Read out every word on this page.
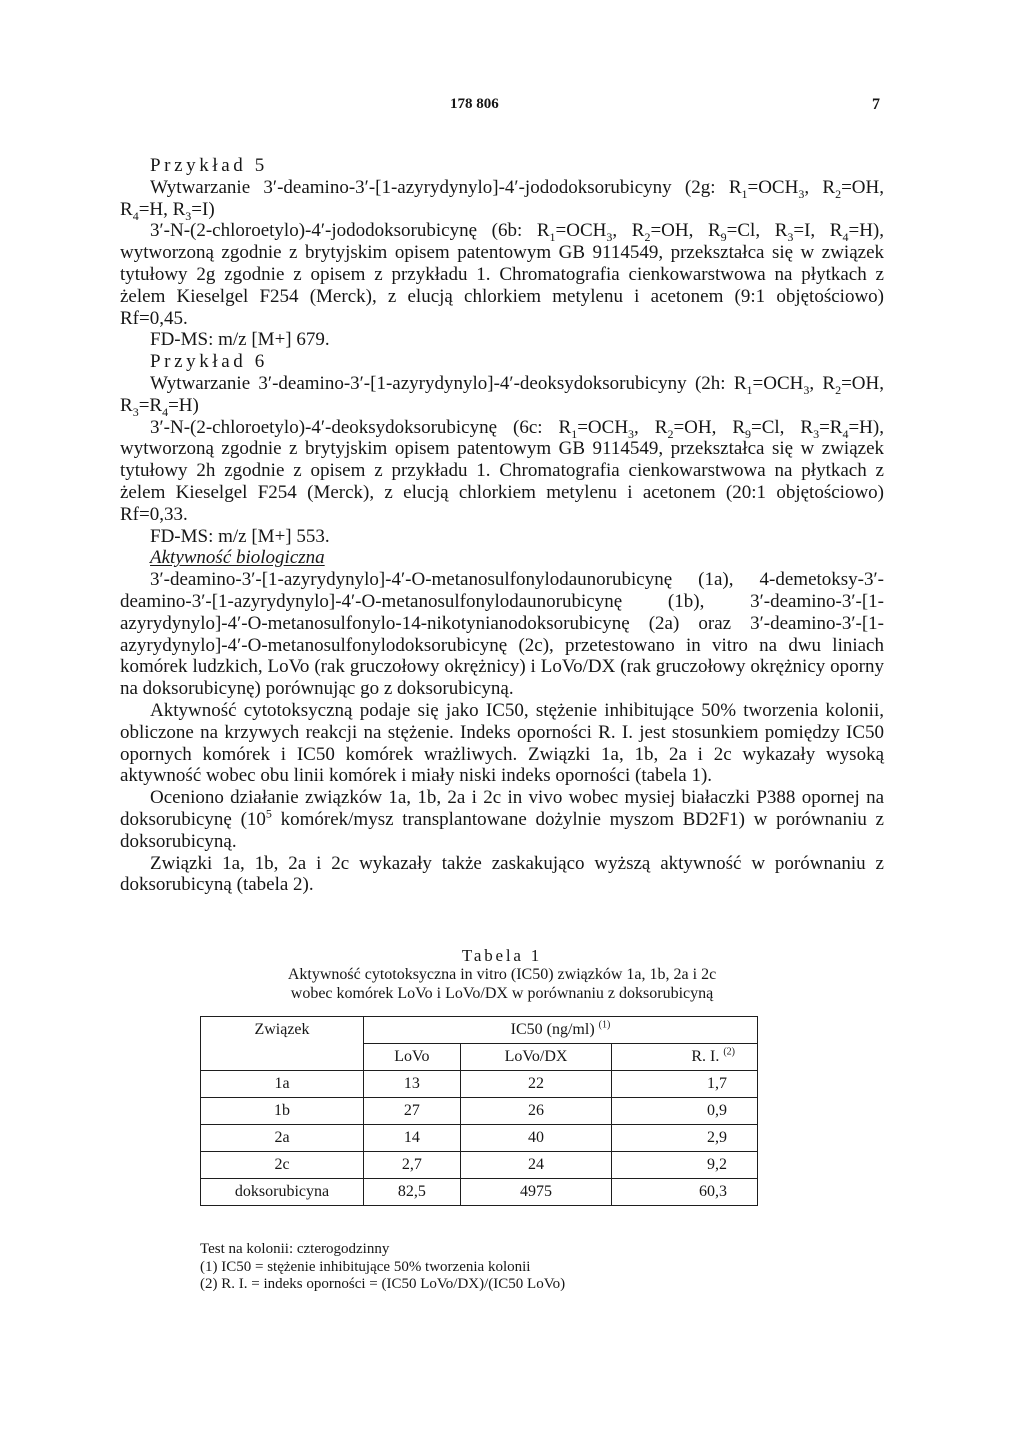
178 806	7

Przykład 5

Wytwarzanie 3′-deamino-3′-[1-azyrydynylo]-4′-jododoksorubicyny (2g: $R_1=OCH_3$, $R_2=OH$, $R_4=H$, $R_3=I$)

3′-N-(2-chloroetylo)-4′-jododoksorubicynę (6b: $R_1=OCH_3$, $R_2=OH$, $R_9=Cl$, $R_3=I$, $R_4=H$), wytworzoną zgodnie z brytyjskim opisem patentowym GB 9114549, przekształca się w związek tytułowy 2g zgodnie z opisem z przykładu 1. Chromatografia cienkowarstwowa na płytkach z żelem Kieselgel F254 (Merck), z elucją chlorkiem metylenu i acetonem (9:1 objętościowo) Rf=0,45.

FD-MS: m/z [M+] 679.

Przykład 6

Wytwarzanie 3′-deamino-3′-[1-azyrydynylo]-4′-deoksydoksorubicyny (2h: $R_1=OCH_3$, $R_2=OH$, $R_3=R_4=H$)

3′-N-(2-chloroetylo)-4′-deoksydoksorubicynę (6c: $R_1=OCH_3$, $R_2=OH$, $R_9=Cl$, $R_3=R_4=H$), wytworzoną zgodnie z brytyjskim opisem patentowym GB 9114549, przekształca się w związek tytułowy 2h zgodnie z opisem z przykładu 1. Chromatografia cienkowarstwowa na płytkach z żelem Kieselgel F254 (Merck), z elucją chlorkiem metylenu i acetonem (20:1 objętościowo) Rf=0,33.

FD-MS: m/z [M+] 553.

Aktywność biologiczna

3′-deamino-3′-[1-azyrydynylo]-4′-O-metanosulfonylodaunorubicynę (1a), 4-demetoksy-3′-deamino-3′-[1-azyrydynylo]-4′-O-metanosulfonylodaunorubicynę (1b), 3′-deamino-3′-[1-azyrydynylo]-4′-O-metanosulfonylo-14-nikotynianodoksorubicynę (2a) oraz 3′-deamino-3′-[1-azyrydynylo]-4′-O-metanosulfonylodoksorubicynę (2c), przetestowano in vitro na dwu liniach komórek ludzkich, LoVo (rak gruczołowy okrężnicy) i LoVo/DX (rak gruczołowy okrężnicy oporny na doksorubicynę) porównując go z doksorubicyną.

Aktywność cytotoksyczną podaje się jako IC50, stężenie inhibitujące 50% tworzenia kolonii, obliczone na krzywych reakcji na stężenie. Indeks oporności R. I. jest stosunkiem pomiędzy IC50 opornych komórek i IC50 komórek wrażliwych. Związki 1a, 1b, 2a i 2c wykazały wysoką aktywność wobec obu linii komórek i miały niski indeks oporności (tabela 1).

Oceniono działanie związków 1a, 1b, 2a i 2c in vivo wobec mysiej białaczki P388 opornej na doksorubicynę ($10^5$ komórek/mysz transplantowane dożylnie myszom BD2F1) w porównaniu z doksorubicyną.

Związki 1a, 1b, 2a i 2c wykazały także zaskakująco wyższą aktywność w porównaniu z doksorubicyną (tabela 2).

Tabela 1
Aktywność cytotoksyczna in vitro (IC50) związków 1a, 1b, 2a i 2c
wobec komórek LoVo i LoVo/DX w porównaniu z doksorubicyną
Związek	IC50 (ng/ml) $^{(1)}$
	LoVo	LoVo/DX	R. I. $^{(2)}$
1a	13	22	1,7
1b	27	26	0,9
2a	14	40	2,9
2c	2,7	24	9,2
doksorubicyna	82,5	4975	60,3
Test na kolonii: czterogodzinny
(1) IC50 = stężenie inhibitujące 50% tworzenia kolonii
(2) R. I. = indeks oporności = (IC50 LoVo/DX)/(IC50 LoVo)
